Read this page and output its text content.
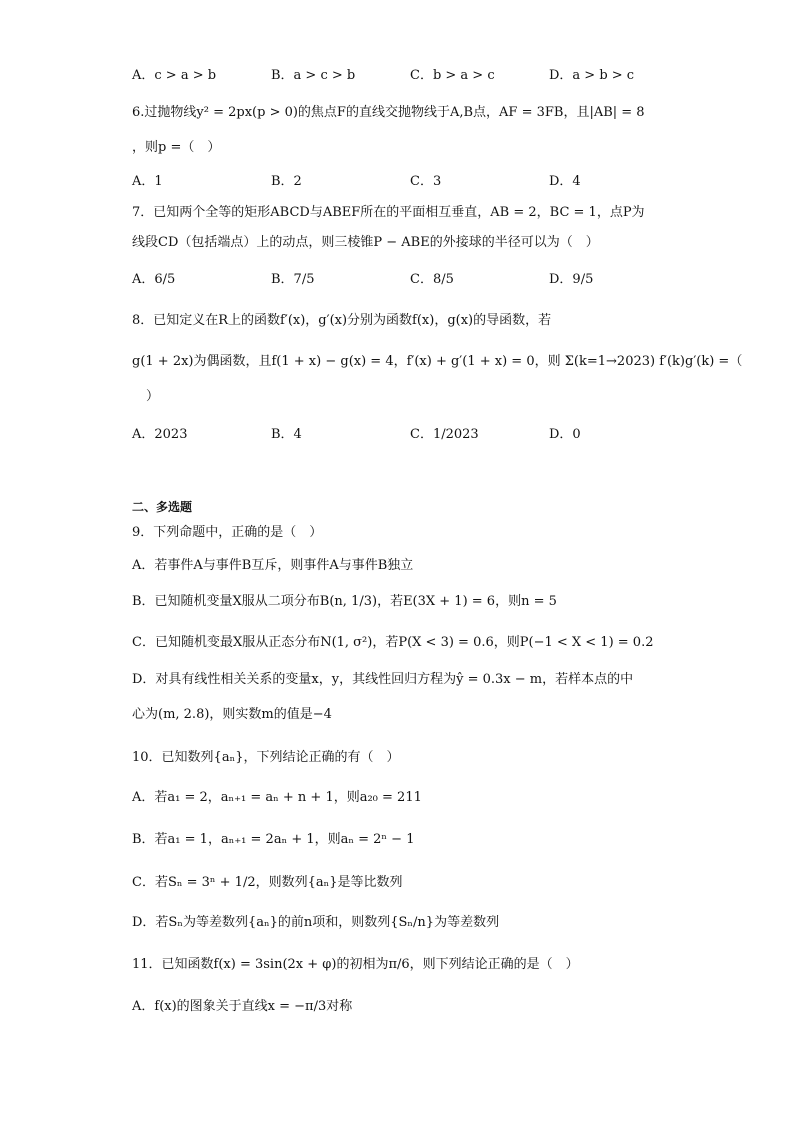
A．c > a > b	B．a > c > b	C．b > a > c	D．a > b > c
6.过抛物线y² = 2px(p > 0)的焦点F的直线交抛物线于A,B点，AF = 3FB，且|AB| = 8
，则p =（　）
A．1	B．2	C．3	D．4
7．已知两个全等的矩形ABCD与ABEF所在的平面相互垂直，AB = 2，BC = 1，点P为
线段CD（包括端点）上的动点，则三棱锥P − ABE的外接球的半径可以为（　）
A．6/5	B．7/5	C．8/5	D．9/5
8．已知定义在R上的函数f′(x)，g′(x)分别为函数f(x)，g(x)的导函数，若
g(1 + 2x)为偶函数，且f(1 + x) − g(x) = 4，f′(x) + g′(1 + x) = 0，则 Σ(k=1→2023) f′(k)g′(k) =（
）
A．2023	B．4	C．1/2023	D．0
二、多选题
9．下列命题中，正确的是（　）
A．若事件A与事件B互斥，则事件A与事件B独立
B．已知随机变量X服从二项分布B(n, 1/3)，若E(3X + 1) = 6，则n = 5
C．已知随机变最X服从正态分布N(1, σ²)，若P(X < 3) = 0.6，则P(−1 < X < 1) = 0.2
D．对具有线性相关关系的变量x，y，其线性回归方程为ŷ = 0.3x − m，若样本点的中
心为(m, 2.8)，则实数m的值是−4
10．已知数列{aₙ}，下列结论正确的有（　）
A．若a₁ = 2，aₙ₊₁ = aₙ + n + 1，则a₂₀ = 211
B．若a₁ = 1，aₙ₊₁ = 2aₙ + 1，则aₙ = 2ⁿ − 1
C．若Sₙ = 3ⁿ + 1/2，则数列{aₙ}是等比数列
D．若Sₙ为等差数列{aₙ}的前n项和，则数列{Sₙ/n}为等差数列
11．已知函数f(x) = 3sin(2x + φ)的初相为π/6，则下列结论正确的是（　）
A．f(x)的图象关于直线x = −π/3对称
